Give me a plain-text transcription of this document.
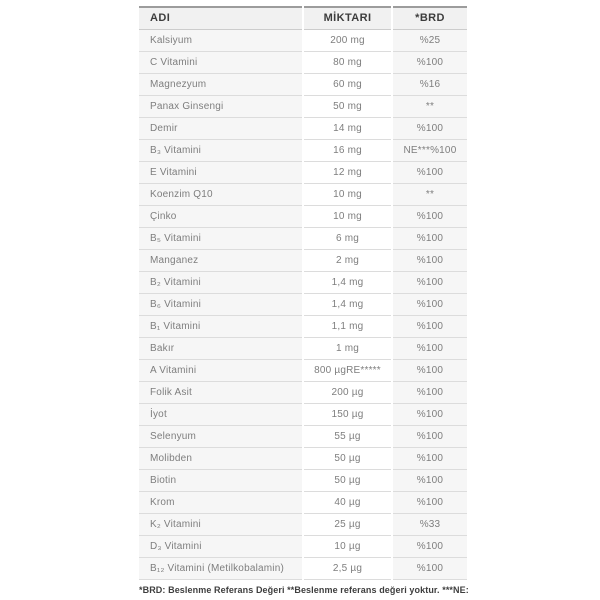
ADI	MİKTARI	*BRD
Kalsiyum	200 mg	%25
C Vitamini	80 mg	%100
Magnezyum	60 mg	%16
Panax Ginsengi	50 mg	**
Demir	14 mg	%100
B₃ Vitamini	16 mg	NE***%100
E Vitamini	12 mg	%100
Koenzim Q10	10 mg	**
Çinko	10 mg	%100
B₅ Vitamini	6 mg	%100
Manganez	2 mg	%100
B₂ Vitamini	1,4 mg	%100
B₆ Vitamini	1,4 mg	%100
B₁ Vitamini	1,1 mg	%100
Bakır	1 mg	%100
A Vitamini	800 µgRE*****	%100
Folik Asit	200 µg	%100
İyot	150 µg	%100
Selenyum	55 µg	%100
Molibden	50 µg	%100
Biotin	50 µg	%100
Krom	40 µg	%100
K₂ Vitamini	25 µg	%33
D₃ Vitamini	10 µg	%100
B₁₂ Vitamini (Metilkobalamin)	2,5 µg	%100
*BRD: Beslenme Referans Değeri **Beslenme referans değeri yoktur. ***NE:
